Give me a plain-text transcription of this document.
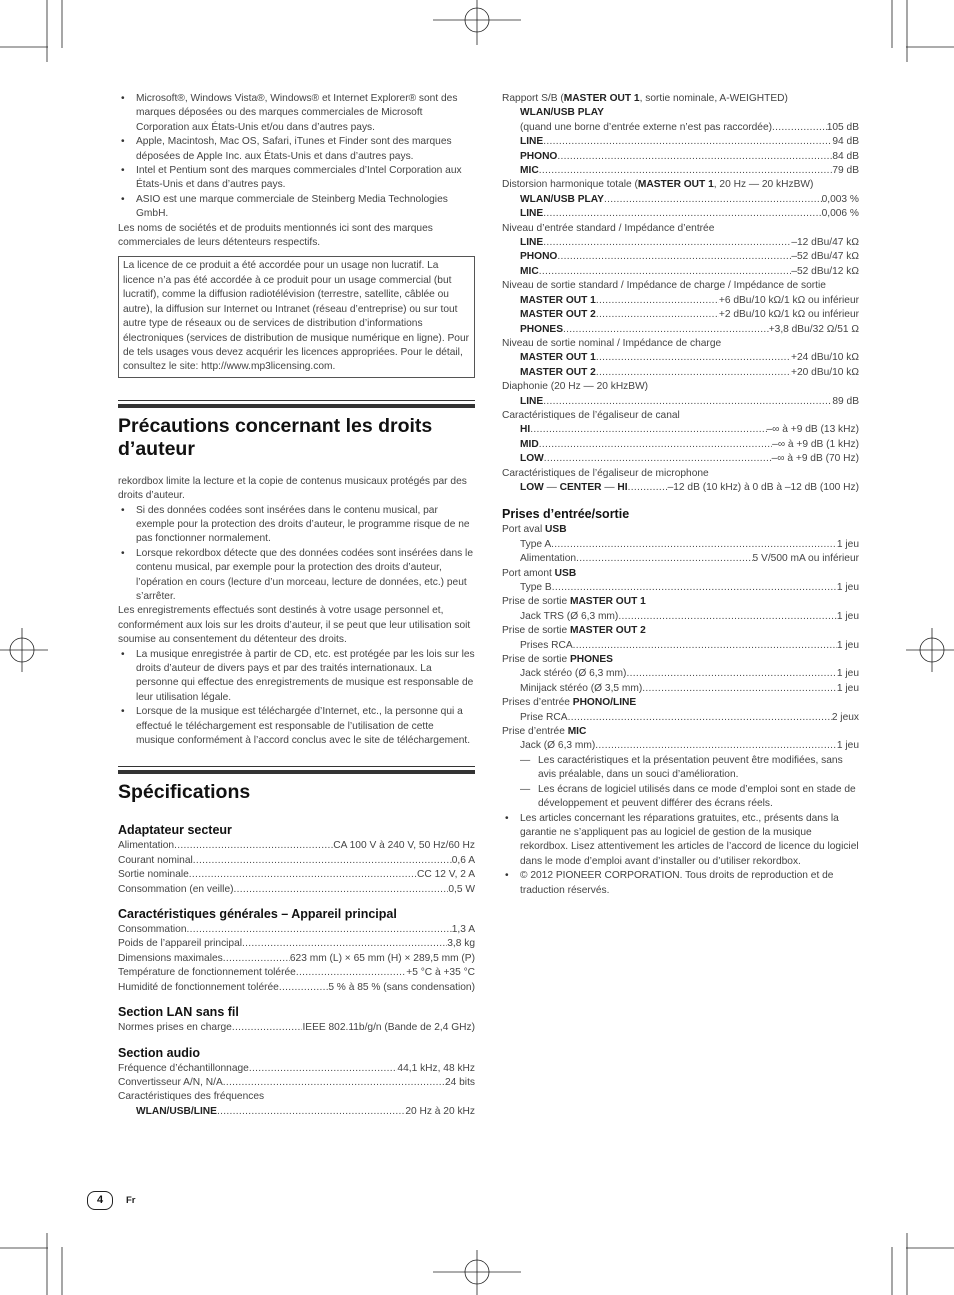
• Microsoft®, Windows Vista®, Windows® et Internet Explorer® sont des marques déposées ou des marques commerciales de Microsoft Corporation aux États-Unis et/ou dans d’autres pays.
• Apple, Macintosh, Mac OS, Safari, iTunes et Finder sont des marques déposées de Apple Inc. aux États-Unis et dans d’autres pays.
• Intel et Pentium sont des marques commerciales d’Intel Corporation aux États-Unis et dans d’autres pays.
• ASIO est une marque commerciale de Steinberg Media Technologies GmbH.

Les noms de sociétés et de produits mentionnés ici sont des marques commerciales de leurs détenteurs respectifs.

La licence de ce produit a été accordée pour un usage non lucratif. La licence n’a pas été accordée à ce produit pour un usage commercial (but lucratif), comme la diffusion radiotélévision (terrestre, satellite, câblée ou autre), la diffusion sur Internet ou Intranet (réseau d’entreprise) ou sur tout autre type de réseaux ou de services de distribution d’informations électroniques (services de distribution de musique numérique en ligne). Pour de tels usages vous devez acquérir les licences appropriées. Pour le détail, consultez le site: http://www.mp3licensing.com.
Précautions concernant les droits d’auteur

rekordbox limite la lecture et la copie de contenus musicaux protégés par des droits d’auteur.

• Si des données codées sont insérées dans le contenu musical, par exemple pour la protection des droits d’auteur, le programme risque de ne pas fonctionner normalement.
• Lorsque rekordbox détecte que des données codées sont insérées dans le contenu musical, par exemple pour la protection des droits d’auteur, l’opération en cours (lecture d’un morceau, lecture de données, etc.) peut s’arrêter.

Les enregistrements effectués sont destinés à votre usage personnel et, conformément aux lois sur les droits d’auteur, il se peut que leur utilisation soit soumise au consentement du détenteur des droits.

• La musique enregistrée à partir de CD, etc. est protégée par les lois sur les droits d’auteur de divers pays et par des traités internationaux. La personne qui effectue des enregistrements de musique est responsable de leur utilisation légale.
• Lorsque de la musique est téléchargée d’Internet, etc., la personne qui a effectué le téléchargement est responsable de l’utilisation de cette musique conformément à l’accord conclus avec le site de téléchargement.
Spécifications
Adaptateur secteur
Alimentation .....	CA 100 V à 240 V, 50 Hz/60 Hz
Courant nominal .....	0,6 A
Sortie nominale .....	CC 12 V, 2 A
Consommation (en veille) .....	0,5 W
Caractéristiques générales – Appareil principal
Consommation .....	1,3 A
Poids de l’appareil principal .....	3,8 kg
Dimensions maximales .....	623 mm (L) × 65 mm (H) × 289,5 mm (P)
Température de fonctionnement tolérée .....	+5 °C à +35 °C
Humidité de fonctionnement tolérée .....	5 % à 85 % (sans condensation)
Section LAN sans fil
Normes prises en charge .....	IEEE 802.11b/g/n (Bande de 2,4 GHz)
Section audio
Fréquence d’échantillonnage .....	44,1 kHz, 48 kHz
Convertisseur A/N, N/A .....	24 bits

Caractéristiques des fréquences

WLAN/USB/LINE .....	20 Hz à 20 kHz

Rapport S/B (MASTER OUT 1, sortie nominale, A-WEIGHTED)

WLAN/USB PLAY

(quand une borne d’entrée externe n’est pas raccordée) .....	105 dB
LINE .....	94 dB
PHONO .....	84 dB
MIC .....	79 dB

Distorsion harmonique totale (MASTER OUT 1, 20 Hz — 20 kHzBW)

WLAN/USB PLAY .....	0,003 %
LINE .....	0,006 %

Niveau d’entrée standard / Impédance d’entrée

LINE .....	–12 dBu/47 kΩ
PHONO .....	–52 dBu/47 kΩ
MIC .....	–52 dBu/12 kΩ

Niveau de sortie standard / Impédance de charge / Impédance de sortie

MASTER OUT 1 .....	+6 dBu/10 kΩ/1 kΩ ou inférieur
MASTER OUT 2 .....	+2 dBu/10 kΩ/1 kΩ ou inférieur
PHONES .....	+3,8 dBu/32 Ω/51 Ω

Niveau de sortie nominal / Impédance de charge

MASTER OUT 1 .....	+24 dBu/10 kΩ
MASTER OUT 2 .....	+20 dBu/10 kΩ

Diaphonie (20 Hz — 20 kHzBW)

LINE .....	89 dB

Caractéristiques de l’égaliseur de canal

HI .....	–∞ à +9 dB (13 kHz)
MID .....	–∞ à +9 dB (1 kHz)
LOW .....	–∞ à +9 dB (70 Hz)

Caractéristiques de l’égaliseur de microphone

LOW — CENTER — HI .....	–12 dB (10 kHz) à 0 dB à –12 dB (100 Hz)
Prises d’entrée/sortie

Port aval USB

Type A .....	1 jeu
Alimentation .....	5 V/500 mA ou inférieur

Port amont USB

Type B .....	1 jeu

Prise de sortie MASTER OUT 1

Jack TRS (Ø 6,3 mm) .....	1 jeu

Prise de sortie MASTER OUT 2

Prises RCA .....	1 jeu

Prise de sortie PHONES

Jack stéréo (Ø 6,3 mm) .....	1 jeu
Minijack stéréo (Ø 3,5 mm) .....	1 jeu

Prises d’entrée PHONO/LINE

Prise RCA .....	2 jeux

Prise d’entrée MIC

Jack (Ø 6,3 mm) .....	1 jeu
— Les caractéristiques et la présentation peuvent être modifiées, sans avis préalable, dans un souci d’amélioration.
— Les écrans de logiciel utilisés dans ce mode d’emploi sont en stade de développement et peuvent différer des écrans réels.
• Les articles concernant les réparations gratuites, etc., présents dans la garantie ne s’appliquent pas au logiciel de gestion de la musique rekordbox. Lisez attentivement les articles de l’accord de licence du logiciel dans le mode d’emploi avant d’installer ou d’utiliser rekordbox.
• © 2012 PIONEER CORPORATION. Tous droits de reproduction et de traduction réservés.
4	Fr
